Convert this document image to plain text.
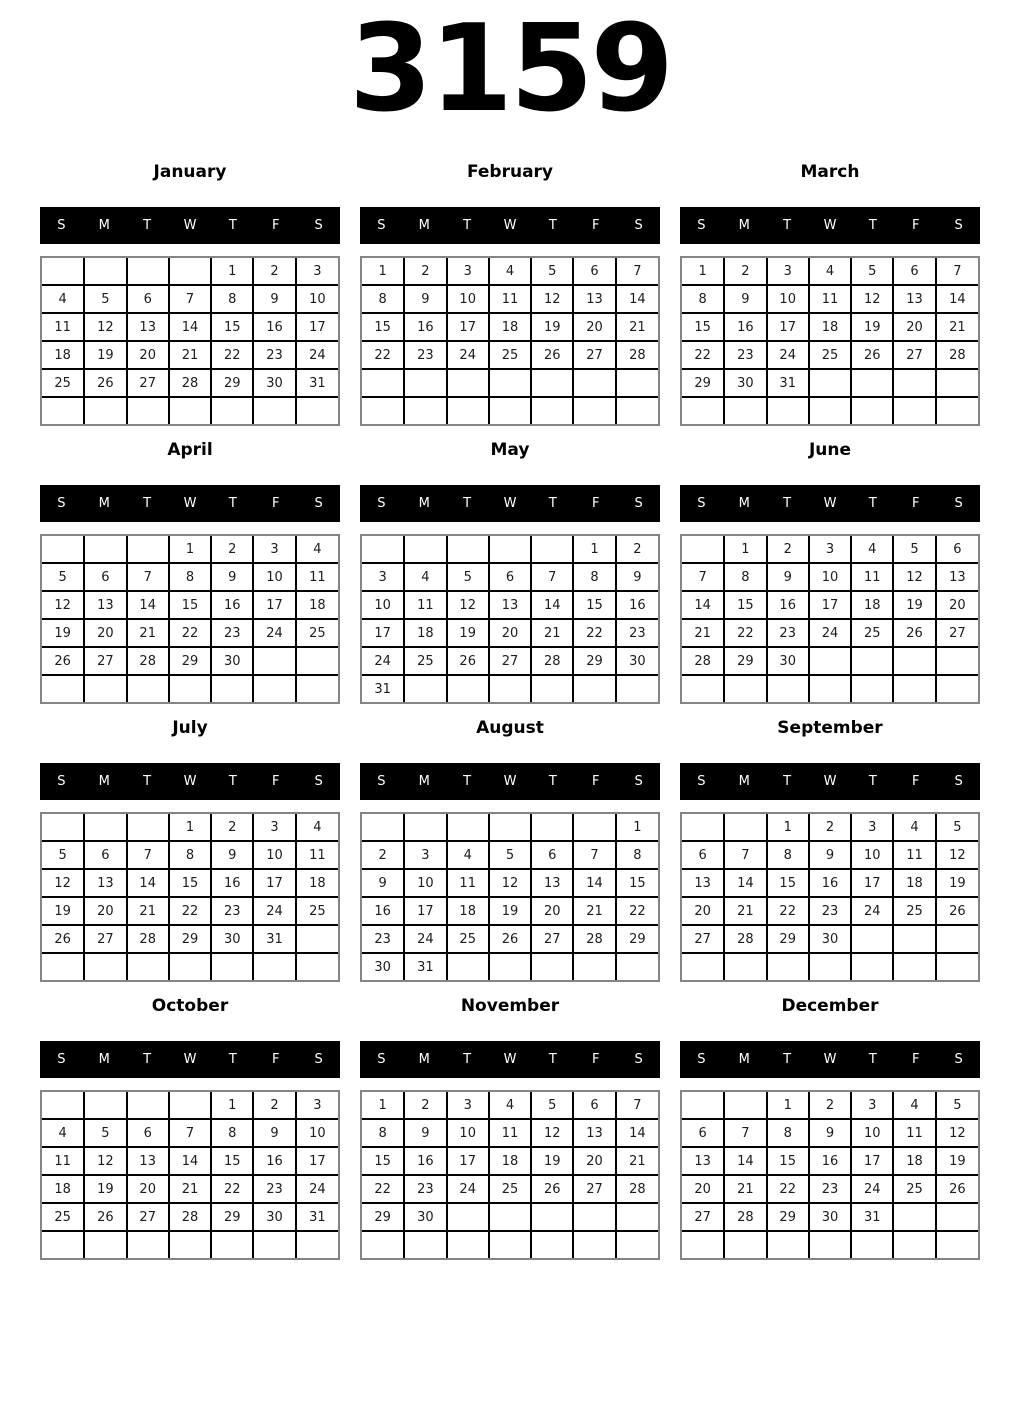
3159
January
S	M	T	W	T	F	S
				1	2	3
4	5	6	7	8	9	10
11	12	13	14	15	16	17
18	19	20	21	22	23	24
25	26	27	28	29	30	31

February
S	M	T	W	T	F	S
1	2	3	4	5	6	7
8	9	10	11	12	13	14
15	16	17	18	19	20	21
22	23	24	25	26	27	28

March
S	M	T	W	T	F	S
1	2	3	4	5	6	7
8	9	10	11	12	13	14
15	16	17	18	19	20	21
22	23	24	25	26	27	28
29	30	31				

April
S	M	T	W	T	F	S
			1	2	3	4
5	6	7	8	9	10	11
12	13	14	15	16	17	18
19	20	21	22	23	24	25
26	27	28	29	30		

May
S	M	T	W	T	F	S
					1	2
3	4	5	6	7	8	9
10	11	12	13	14	15	16
17	18	19	20	21	22	23
24	25	26	27	28	29	30
31						
June
S	M	T	W	T	F	S
	1	2	3	4	5	6
7	8	9	10	11	12	13
14	15	16	17	18	19	20
21	22	23	24	25	26	27
28	29	30				

July
S	M	T	W	T	F	S
			1	2	3	4
5	6	7	8	9	10	11
12	13	14	15	16	17	18
19	20	21	22	23	24	25
26	27	28	29	30	31	

August
S	M	T	W	T	F	S
						1
2	3	4	5	6	7	8
9	10	11	12	13	14	15
16	17	18	19	20	21	22
23	24	25	26	27	28	29
30	31					
September
S	M	T	W	T	F	S
		1	2	3	4	5
6	7	8	9	10	11	12
13	14	15	16	17	18	19
20	21	22	23	24	25	26
27	28	29	30			

October
S	M	T	W	T	F	S
				1	2	3
4	5	6	7	8	9	10
11	12	13	14	15	16	17
18	19	20	21	22	23	24
25	26	27	28	29	30	31

November
S	M	T	W	T	F	S
1	2	3	4	5	6	7
8	9	10	11	12	13	14
15	16	17	18	19	20	21
22	23	24	25	26	27	28
29	30					

December
S	M	T	W	T	F	S
		1	2	3	4	5
6	7	8	9	10	11	12
13	14	15	16	17	18	19
20	21	22	23	24	25	26
27	28	29	30	31		
